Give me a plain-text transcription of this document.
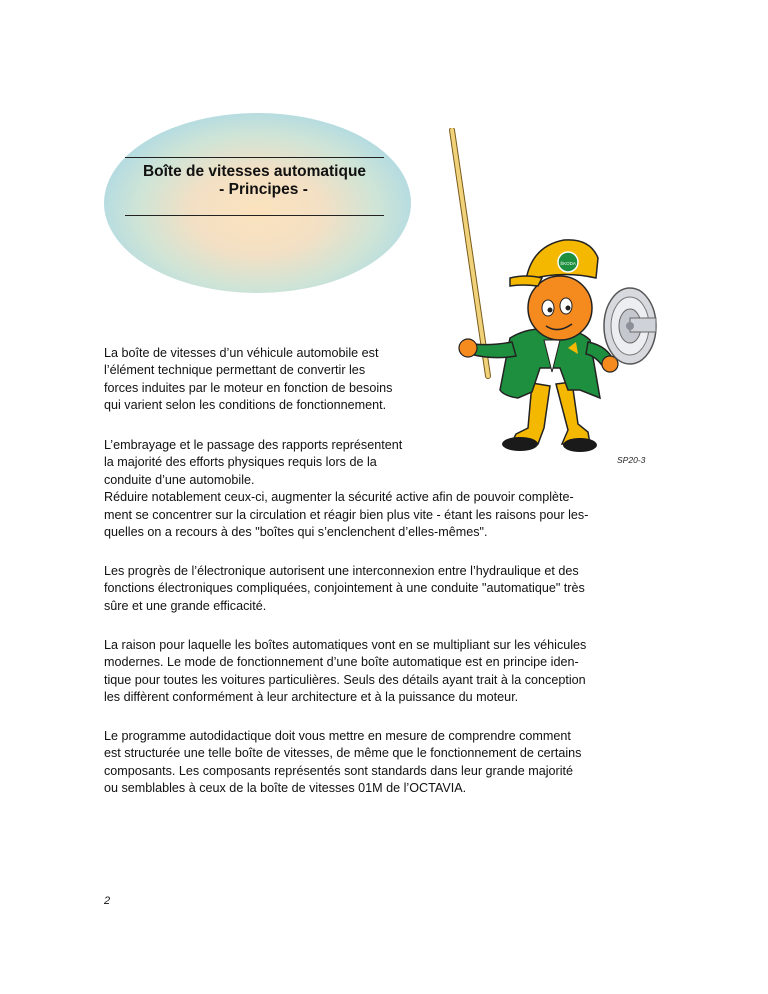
Boîte de vitesses automatique
- Principes -
ŠKODA
SP20-3

La boîte de vitesses d’un véhicule automobile est
l’élément technique permettant de convertir les
forces induites par le moteur en fonction de besoins
qui varient selon les conditions de fonctionnement.

L’embrayage et le passage des rapports représentent
la majorité des efforts physiques requis lors de la
conduite d’une automobile.
Réduire notablement ceux-ci, augmenter la sécurité active afin de pouvoir complète-
ment se concentrer sur la circulation et réagir bien plus vite - étant les raisons pour les-
quelles on a recours à des "boîtes qui s’enclenchent d’elles-mêmes".

Les progrès de l’électronique autorisent une interconnexion entre l’hydraulique et des
fonctions électroniques compliquées, conjointement à une conduite "automatique" très
sûre et une grande efficacité.

La raison pour laquelle les boîtes automatiques vont en se multipliant sur les véhicules
modernes. Le mode de fonctionnement d’une boîte automatique est en principe iden-
tique pour toutes les voitures particulières. Seuls des détails ayant trait à la conception
les diffèrent conformément à leur architecture et à la puissance du moteur.

Le programme autodidactique doit vous mettre en mesure de comprendre comment
est structurée une telle boîte de vitesses, de même que le fonctionnement de certains
composants. Les composants représentés sont standards dans leur grande majorité
ou semblables à ceux de la boîte de vitesses 01M de l’OCTAVIA.

2
